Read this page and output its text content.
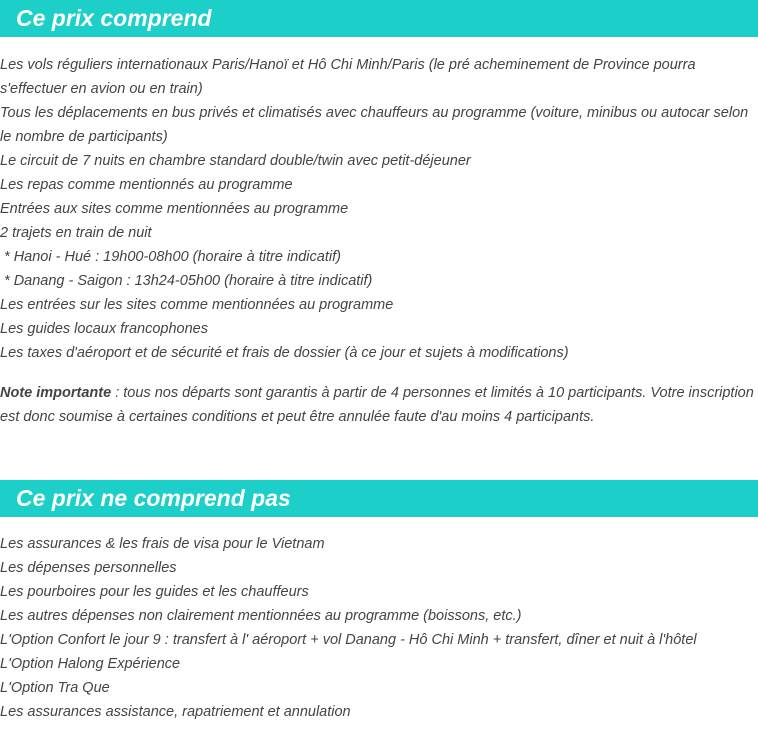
Ce prix comprend
Les vols réguliers internationaux Paris/Hanoï et Hô Chi Minh/Paris (le pré acheminement de Province pourra s'effectuer en avion ou en train)
Tous les déplacements en bus privés et climatisés avec chauffeurs au programme (voiture, minibus ou autocar selon le nombre de participants)
Le circuit de 7 nuits en chambre standard double/twin avec petit-déjeuner
Les repas comme mentionnés au programme
Entrées aux sites comme mentionnées au programme
2 trajets en train de nuit
* Hanoi - Hué : 19h00-08h00 (horaire à titre indicatif)
* Danang - Saigon : 13h24-05h00 (horaire à titre indicatif)
Les entrées sur les sites comme mentionnées au programme
Les guides locaux francophones
Les taxes d'aéroport et de sécurité et frais de dossier (à ce jour et sujets à modifications)

Note importante : tous nos départs sont garantis à partir de 4 personnes et limités à 10 participants. Votre inscription est donc soumise à certaines conditions et peut être annulée faute d'au moins 4 participants.

Ce prix ne comprend pas
Les assurances & les frais de visa pour le Vietnam
Les dépenses personnelles
Les pourboires pour les guides et les chauffeurs
Les autres dépenses non clairement mentionnées au programme (boissons, etc.)
L'Option Confort le jour 9 : transfert à l' aéroport + vol Danang - Hô Chi Minh + transfert, dîner et nuit à l'hôtel
L'Option Halong Expérience
L'Option Tra Que
Les assurances assistance, rapatriement et annulation
